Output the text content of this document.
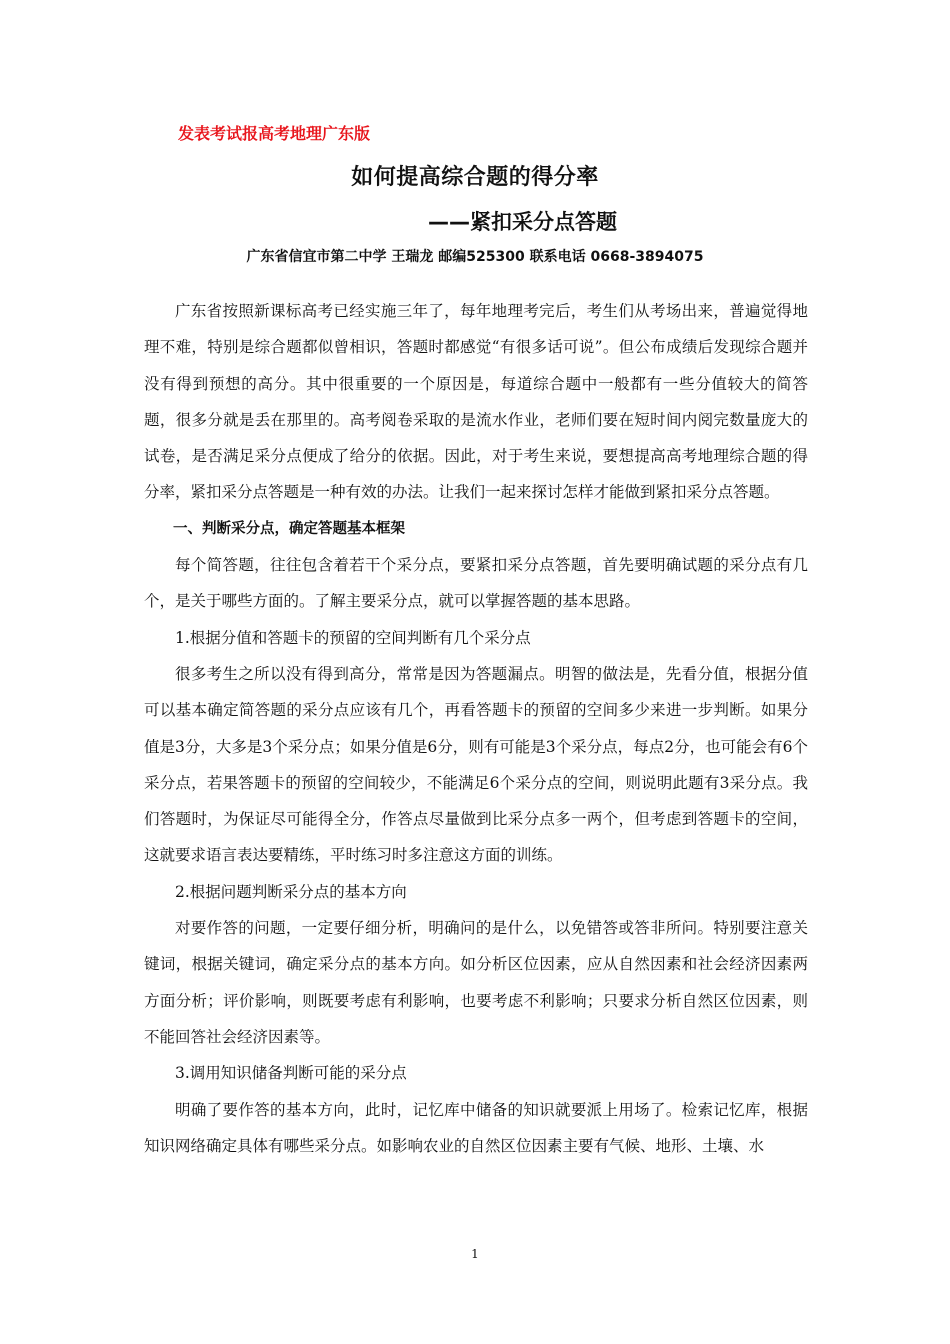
发表考试报高考地理广东版
如何提高综合题的得分率
——紧扣采分点答题
广东省信宜市第二中学 王瑞龙 邮编525300 联系电话 0668-3894075

广东省按照新课标高考已经实施三年了，每年地理考完后，考生们从考场出来，普遍觉得地理不难，特别是综合题都似曾相识，答题时都感觉“有很多话可说”。但公布成绩后发现综合题并没有得到预想的高分。其中很重要的一个原因是，每道综合题中一般都有一些分值较大的简答题，很多分就是丢在那里的。高考阅卷采取的是流水作业，老师们要在短时间内阅完数量庞大的试卷，是否满足采分点便成了给分的依据。因此，对于考生来说，要想提高高考地理综合题的得分率，紧扣采分点答题是一种有效的办法。让我们一起来探讨怎样才能做到紧扣采分点答题。

一、判断采分点，确定答题基本框架

每个简答题，往往包含着若干个采分点，要紧扣采分点答题，首先要明确试题的采分点有几个，是关于哪些方面的。了解主要采分点，就可以掌握答题的基本思路。

1.根据分值和答题卡的预留的空间判断有几个采分点

很多考生之所以没有得到高分，常常是因为答题漏点。明智的做法是，先看分值，根据分值可以基本确定简答题的采分点应该有几个，再看答题卡的预留的空间多少来进一步判断。如果分值是3分，大多是3个采分点；如果分值是6分，则有可能是3个采分点，每点2分，也可能会有6个采分点，若果答题卡的预留的空间较少，不能满足6个采分点的空间，则说明此题有3采分点。我们答题时，为保证尽可能得全分，作答点尽量做到比采分点多一两个，但考虑到答题卡的空间，这就要求语言表达要精练，平时练习时多注意这方面的训练。

2.根据问题判断采分点的基本方向

对要作答的问题，一定要仔细分析，明确问的是什么，以免错答或答非所问。特别要注意关键词，根据关键词，确定采分点的基本方向。如分析区位因素，应从自然因素和社会经济因素两方面分析；评价影响，则既要考虑有利影响，也要考虑不利影响；只要求分析自然区位因素，则不能回答社会经济因素等。

3.调用知识储备判断可能的采分点

明确了要作答的基本方向，此时，记忆库中储备的知识就要派上用场了。检索记忆库，根据知识网络确定具体有哪些采分点。如影响农业的自然区位因素主要有气候、地形、土壤、水

1
